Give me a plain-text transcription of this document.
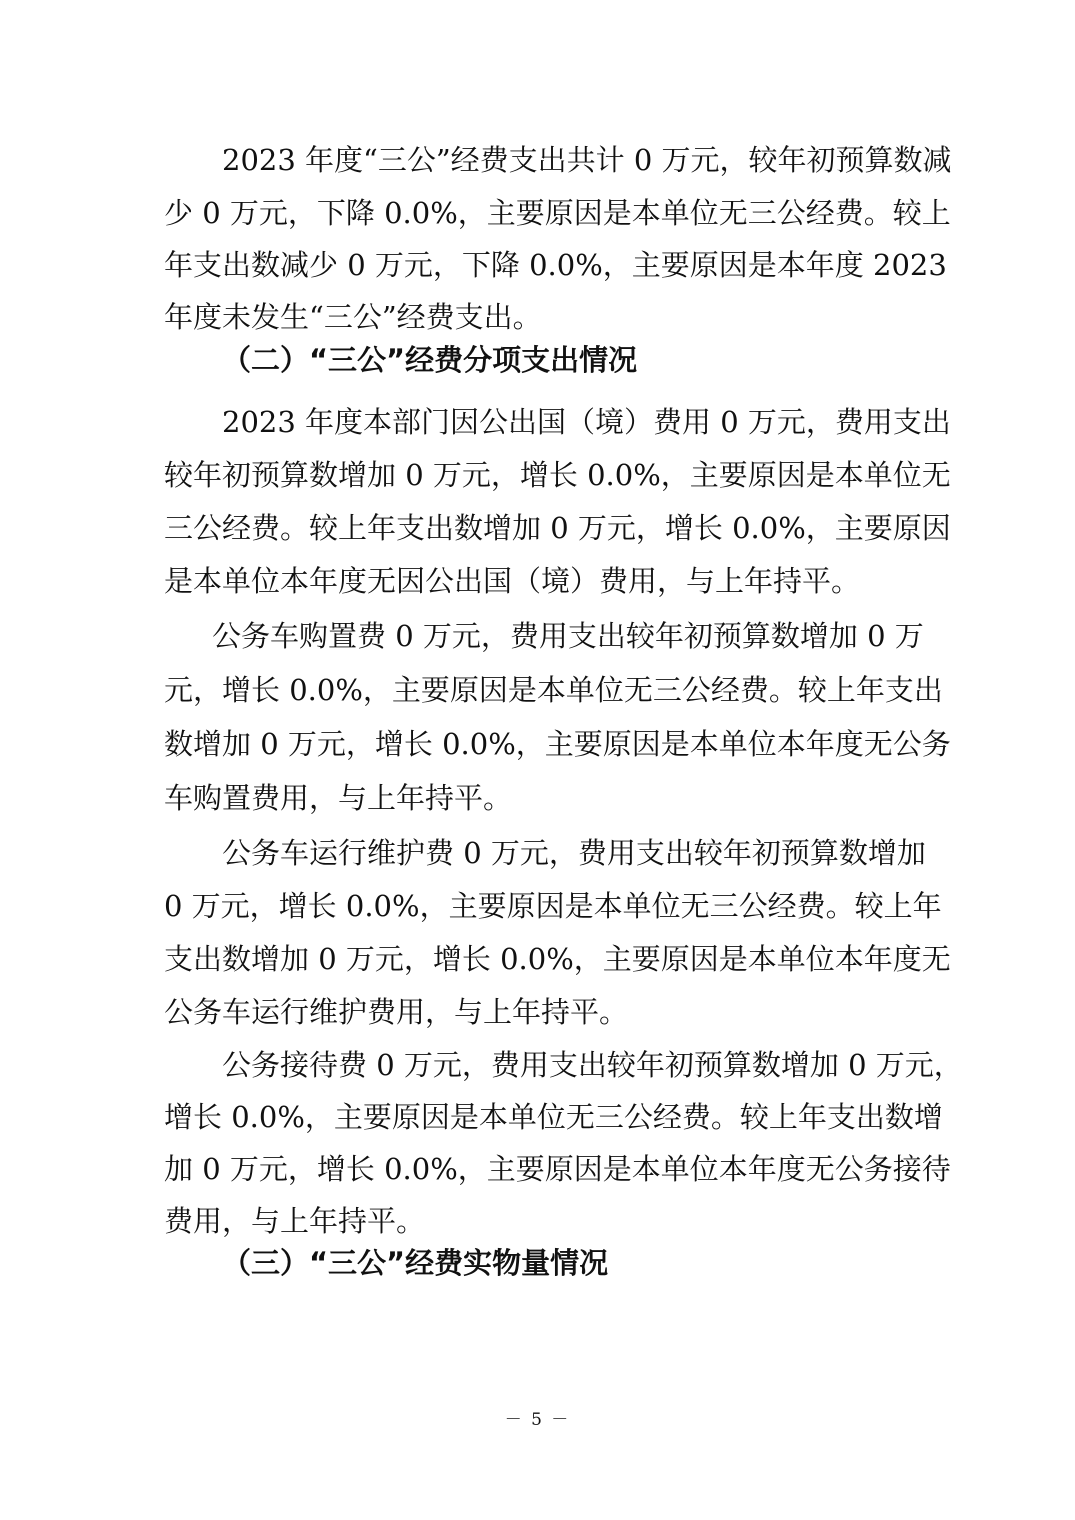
2023 年度“三公”经费支出共计 0 万元，较年初预算数减
少 0 万元，下降 0.0%，主要原因是本单位无三公经费。较上
年支出数减少 0 万元，下降 0.0%，主要原因是本年度 2023
年度未发生“三公”经费支出。
（二）“三公”经费分项支出情况
2023 年度本部门因公出国（境）费用 0 万元，费用支出
较年初预算数增加 0 万元，增长 0.0%，主要原因是本单位无
三公经费。较上年支出数增加 0 万元，增长 0.0%，主要原因
是本单位本年度无因公出国（境）费用，与上年持平。
公务车购置费 0 万元，费用支出较年初预算数增加 0 万
元，增长 0.0%，主要原因是本单位无三公经费。较上年支出
数增加 0 万元，增长 0.0%，主要原因是本单位本年度无公务
车购置费用，与上年持平。
公务车运行维护费 0 万元，费用支出较年初预算数增加
0 万元，增长 0.0%，主要原因是本单位无三公经费。较上年
支出数增加 0 万元，增长 0.0%，主要原因是本单位本年度无
公务车运行维护费用，与上年持平。
公务接待费 0 万元，费用支出较年初预算数增加 0 万元，
增长 0.0%，主要原因是本单位无三公经费。较上年支出数增
加 0 万元，增长 0.0%，主要原因是本单位本年度无公务接待
费用，与上年持平。
（三）“三公”经费实物量情况
－ 5 －
